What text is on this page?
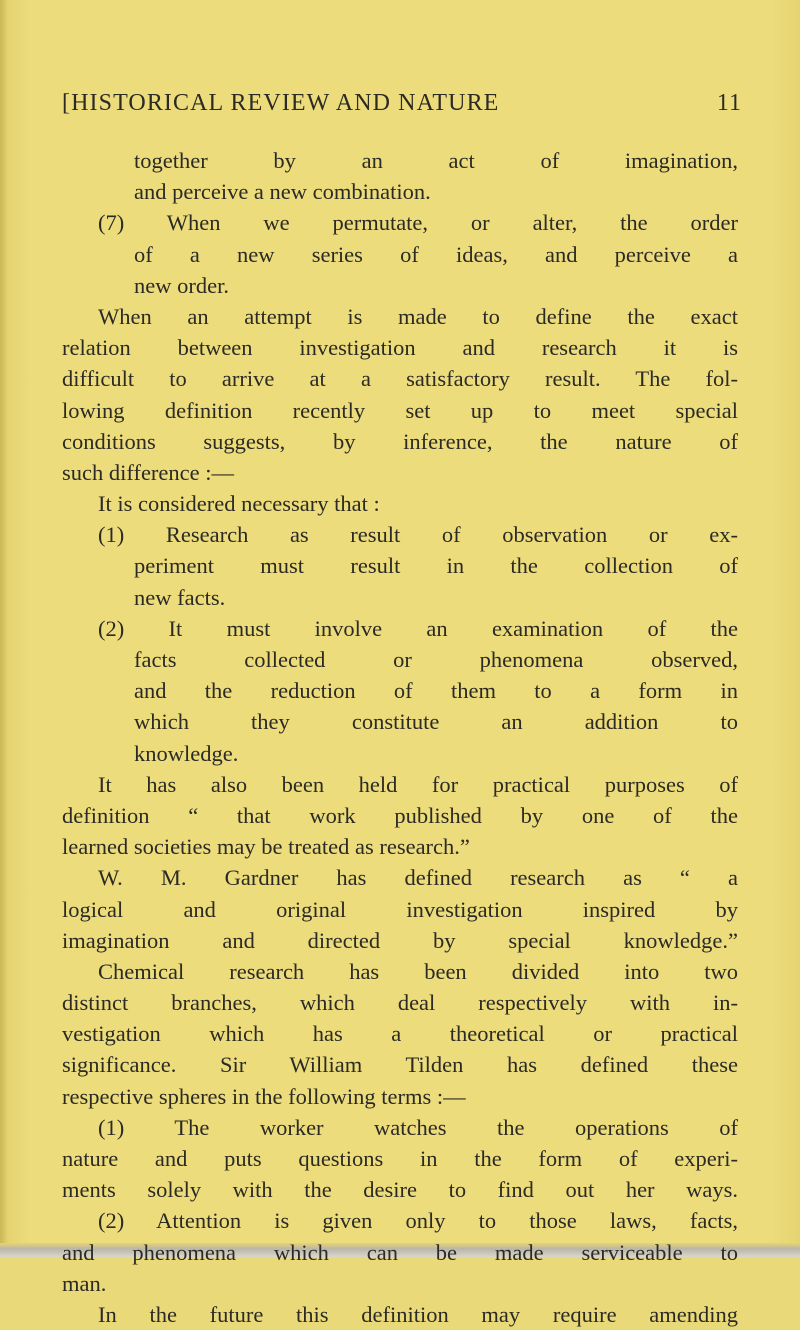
[HISTORICAL REVIEW AND NATURE	11
together by an act of imagination,
and perceive a new combination.
(7) When we permutate, or alter, the order
of a new series of ideas, and perceive a
new order.
When an attempt is made to define the exact
relation between investigation and research it is
difficult to arrive at a satisfactory result. The fol-
lowing definition recently set up to meet special
conditions suggests, by inference, the nature of
such difference :—
It is considered necessary that :
(1) Research as result of observation or ex-
periment must result in the collection of
new facts.
(2) It must involve an examination of the
facts collected or phenomena observed,
and the reduction of them to a form in
which they constitute an addition to
knowledge.
It has also been held for practical purposes of
definition “ that work published by one of the
learned societies may be treated as research.”
W. M. Gardner has defined research as “ a
logical and original investigation inspired by
imagination and directed by special knowledge.”
Chemical research has been divided into two
distinct branches, which deal respectively with in-
vestigation which has a theoretical or practical
significance. Sir William Tilden has defined these
respective spheres in the following terms :—
(1) The worker watches the operations of
nature and puts questions in the form of experi-
ments solely with the desire to find out her ways.
(2) Attention is given only to those laws, facts,
and phenomena which can be made serviceable to
man.
In the future this definition may require amending
